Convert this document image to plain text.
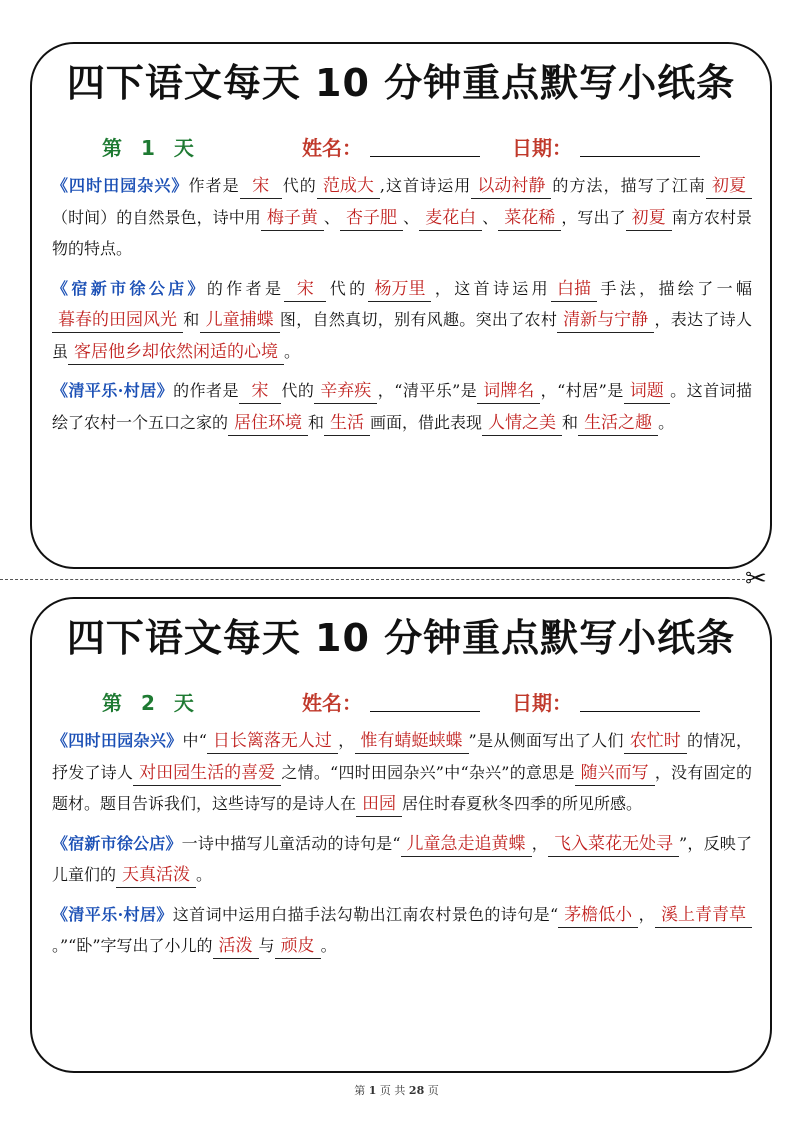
四下语文每天 10 分钟重点默写小纸条
第 1 天	姓名：	日期：

《四时田园杂兴》作者是 宋 代的 范成大 ,这首诗运用 以动衬静 的方法，描写了江南 初夏（时间）的自然景色，诗中用 梅子黄 、 杏子肥 、 麦花白 、 菜花稀 ，写出了 初夏 南方农村景物的特点。

《宿新市徐公店》的作者是 宋 代的 杨万里 ，这首诗运用 白描 手法，描绘了一幅暮春的田园风光 和 儿童捕蝶 图，自然真切，别有风趣。突出了农村 清新与宁静 ，表达了诗人虽 客居他乡却依然闲适的心境 。

《清平乐·村居》的作者是 宋 代的 辛弃疾 ，“清平乐”是 词牌名 ，“村居”是 词题 。这首词描绘了农村一个五口之家的 居住环境 和 生活 画面，借此表现 人情之美 和 生活之趣 。

✂
四下语文每天 10 分钟重点默写小纸条
第 2 天	姓名：	日期：

《四时田园杂兴》中“ 日长篱落无人过 ， 惟有蜻蜓蛱蝶 ”是从侧面写出了人们 农忙时 的情况，抒发了诗人 对田园生活的喜爱 之情。“四时田园杂兴”中“杂兴”的意思是 随兴而写 ，没有固定的题材。题目告诉我们，这些诗写的是诗人在 田园 居住时春夏秋冬四季的所见所感。

《宿新市徐公店》一诗中描写儿童活动的诗句是“ 儿童急走追黄蝶 ， 飞入菜花无处寻 ”，反映了儿童们的 天真活泼 。

《清平乐·村居》这首词中运用白描手法勾勒出江南农村景色的诗句是“ 茅檐低小 ， 溪上青青草。”“卧”字写出了小儿的 活泼 与 顽皮 。

第 1 页 共 28 页
